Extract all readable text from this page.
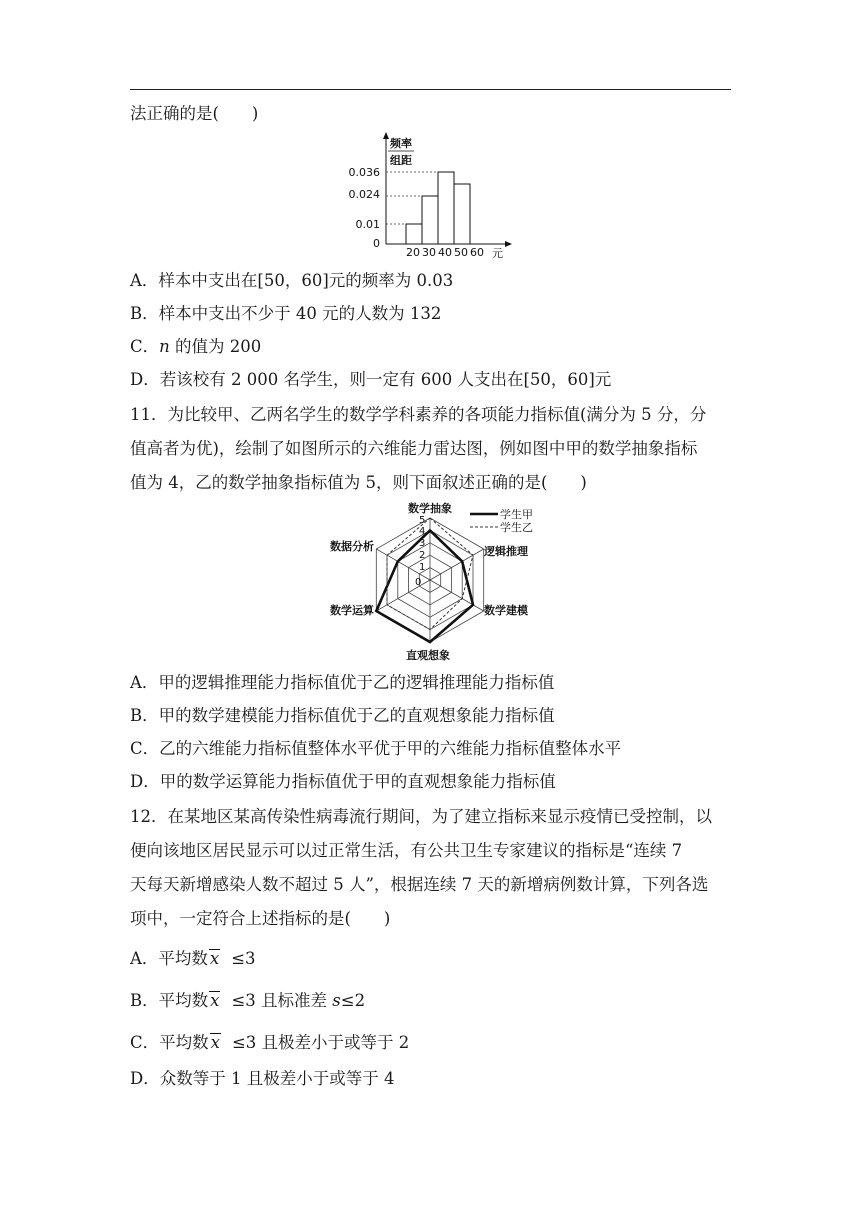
法正确的是(　　)
频率
组距
0.036
0.024
0.01
0
20 30 40 50 60 元
A．样本中支出在[50，60]元的频率为 0.03
B．样本中支出不少于 40 元的人数为 132
C．n 的值为 200
D．若该校有 2 000 名学生，则一定有 600 人支出在[50，60]元
11．为比较甲、乙两名学生的数学学科素养的各项能力指标值(满分为 5 分，分
值高者为优)，绘制了如图所示的六维能力雷达图，例如图中甲的数学抽象指标
值为 4，乙的数学抽象指标值为 5，则下面叙述正确的是(　　)
数学抽象
逻辑推理
数学建模
直观想象
数学运算
数据分析
5
4
3
2
1
0
学生甲
学生乙
A．甲的逻辑推理能力指标值优于乙的逻辑推理能力指标值
B．甲的数学建模能力指标值优于乙的直观想象能力指标值
C．乙的六维能力指标值整体水平优于甲的六维能力指标值整体水平
D．甲的数学运算能力指标值优于甲的直观想象能力指标值
12．在某地区某高传染性病毒流行期间，为了建立指标来显示疫情已受控制，以
便向该地区居民显示可以过正常生活，有公共卫生专家建议的指标是“连续 7
天每天新增感染人数不超过 5 人”，根据连续 7 天的新增病例数计算，下列各选
项中，一定符合上述指标的是(　　)
A．平均数 x ≤3
B．平均数 x ≤3 且标准差 s≤2
C．平均数 x ≤3 且极差小于或等于 2
D．众数等于 1 且极差小于或等于 4
